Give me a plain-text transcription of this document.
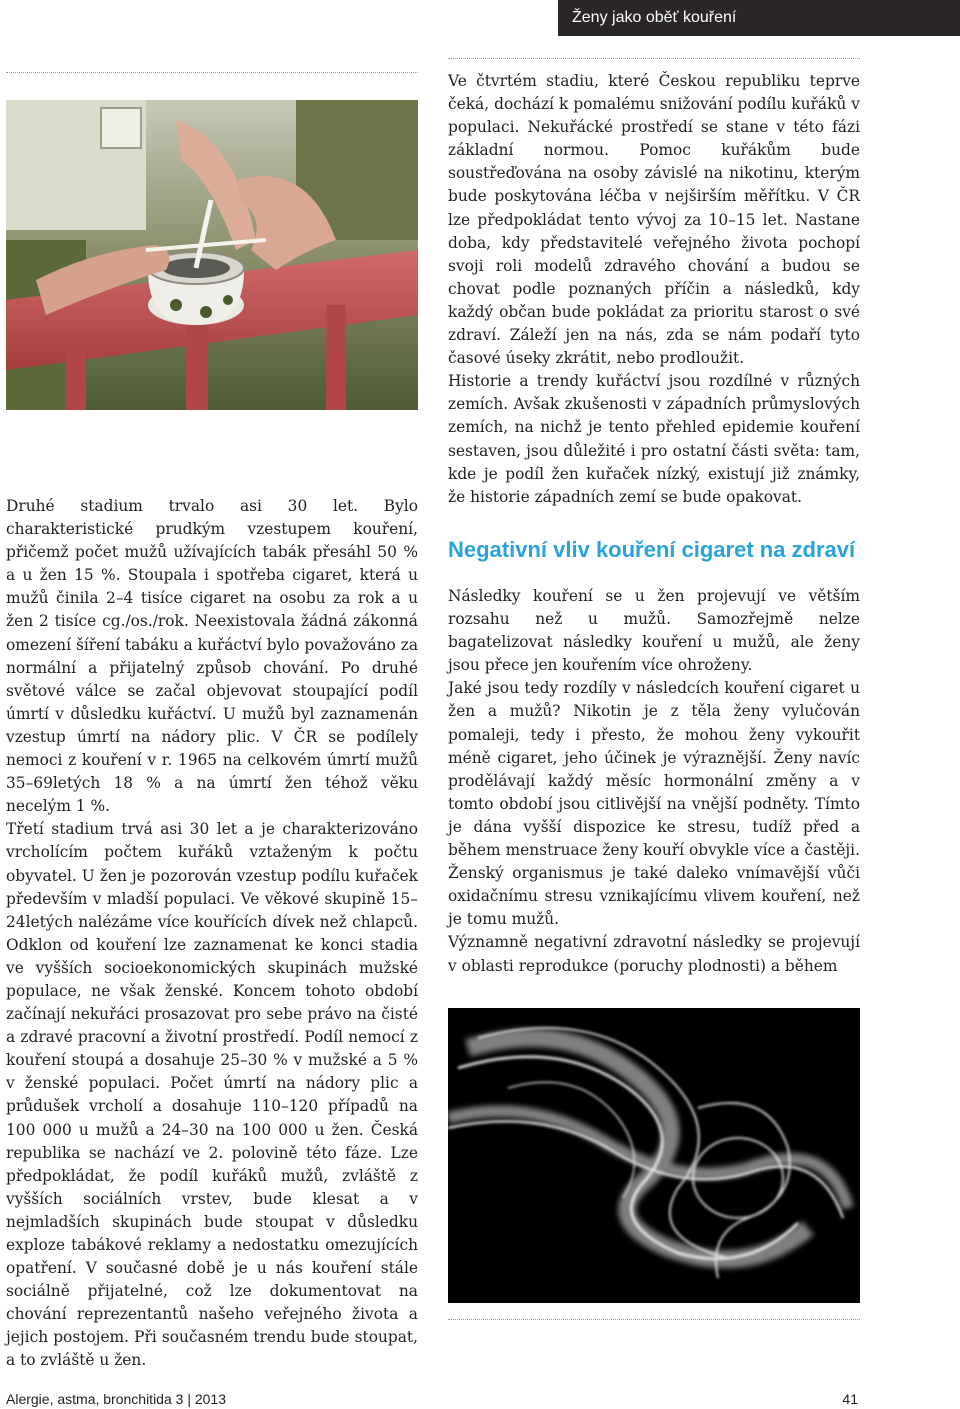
Ženy jako oběť kouření

Druhé stadium trvalo asi 30 let. Bylo charakteristické prudkým vzestupem kouření, přičemž počet mužů užívajících tabák přesáhl 50 % a u žen 15 %. Stoupala i spotřeba cigaret, která u mužů činila 2–4 tisíce cigaret na osobu za rok a u žen 2 tisíce cg./os./rok. Neexistovala žádná zákonná omezení šíření tabáku a kuřáctví bylo považováno za normální a přijatelný způsob chování. Po druhé světové válce se začal objevovat stoupající podíl úmrtí v důsledku kuřáctví. U mužů byl zaznamenán vzestup úmrtí na nádory plic. V ČR se podílely nemoci z kouření v r. 1965 na celkovém úmrtí mužů 35–69letých 18 % a na úmrtí žen téhož věku necelým 1 %.

Třetí stadium trvá asi 30 let a je charakterizováno vrcholícím počtem kuřáků vztaženým k počtu obyvatel. U žen je pozorován vzestup podílu kuřaček především v mladší populaci. Ve věkové skupině 15–24letých nalézáme více kouřících dívek než chlapců. Odklon od kouření lze zaznamenat ke konci stadia ve vyšších socioekonomických skupinách mužské populace, ne však ženské. Koncem tohoto období začínají nekuřáci prosazovat pro sebe právo na čisté a zdravé pracovní a životní prostředí. Podíl nemocí z kouření stoupá a dosahuje 25–30 % v mužské a 5 % v ženské populaci. Počet úmrtí na nádory plic a průdušek vrcholí a dosahuje 110–120 případů na 100 000 u mužů a 24–30 na 100 000 u žen. Česká republika se nachází ve 2. polovině této fáze. Lze předpokládat, že podíl kuřáků mužů, zvláště z vyšších sociálních vrstev, bude klesat a v nejmladších skupinách bude stoupat v důsledku exploze tabákové reklamy a nedostatku omezujících opatření. V současné době je u nás kouření stále sociálně přijatelné, což lze dokumentovat na chování reprezentantů našeho veřejného života a jejich postojem. Při současném trendu bude stoupat, a to zvláště u žen.

Ve čtvrtém stadiu, které Českou republiku teprve čeká, dochází k pomalému snižování podílu kuřáků v populaci. Nekuřácké prostředí se stane v této fázi základní normou. Pomoc kuřákům bude soustřeďována na osoby závislé na nikotinu, kterým bude poskytována léčba v nejširším měřítku. V ČR lze předpokládat tento vývoj za 10–15 let. Nastane doba, kdy představitelé veřejného života pochopí svoji roli modelů zdravého chování a budou se chovat podle poznaných příčin a následků, kdy každý občan bude pokládat za prioritu starost o své zdraví. Záleží jen na nás, zda se nám podaří tyto časové úseky zkrátit, nebo prodloužit.

Historie a trendy kuřáctví jsou rozdílné v různých zemích. Avšak zkušenosti v západních průmyslových zemích, na nichž je tento přehled epidemie kouření sestaven, jsou důležité i pro ostatní části světa: tam, kde je podíl žen kuřaček nízký, existují již známky, že historie západních zemí se bude opakovat.

Negativní vliv kouření cigaret na zdraví

Následky kouření se u žen projevují ve větším rozsahu než u mužů. Samozřejmě nelze bagatelizovat následky kouření u mužů, ale ženy jsou přece jen kouřením více ohroženy.

Jaké jsou tedy rozdíly v následcích kouření cigaret u žen a mužů? Nikotin je z těla ženy vylučován pomaleji, tedy i přesto, že mohou ženy vykouřit méně cigaret, jeho účinek je výraznější. Ženy navíc prodělávají každý měsíc hormonální změny a v tomto období jsou citlivější na vnější podněty. Tímto je dána vyšší dispozice ke stresu, tudíž před a během menstruace ženy kouří obvykle více a častěji. Ženský organismus je také daleko vnímavější vůči oxidačnímu stresu vznikajícímu vlivem kouření, než je tomu mužů.

Významně negativní zdravotní následky se projevují v oblasti reprodukce (poruchy plodnosti) a během

Alergie, astma, bronchitida 3 | 2013	41
